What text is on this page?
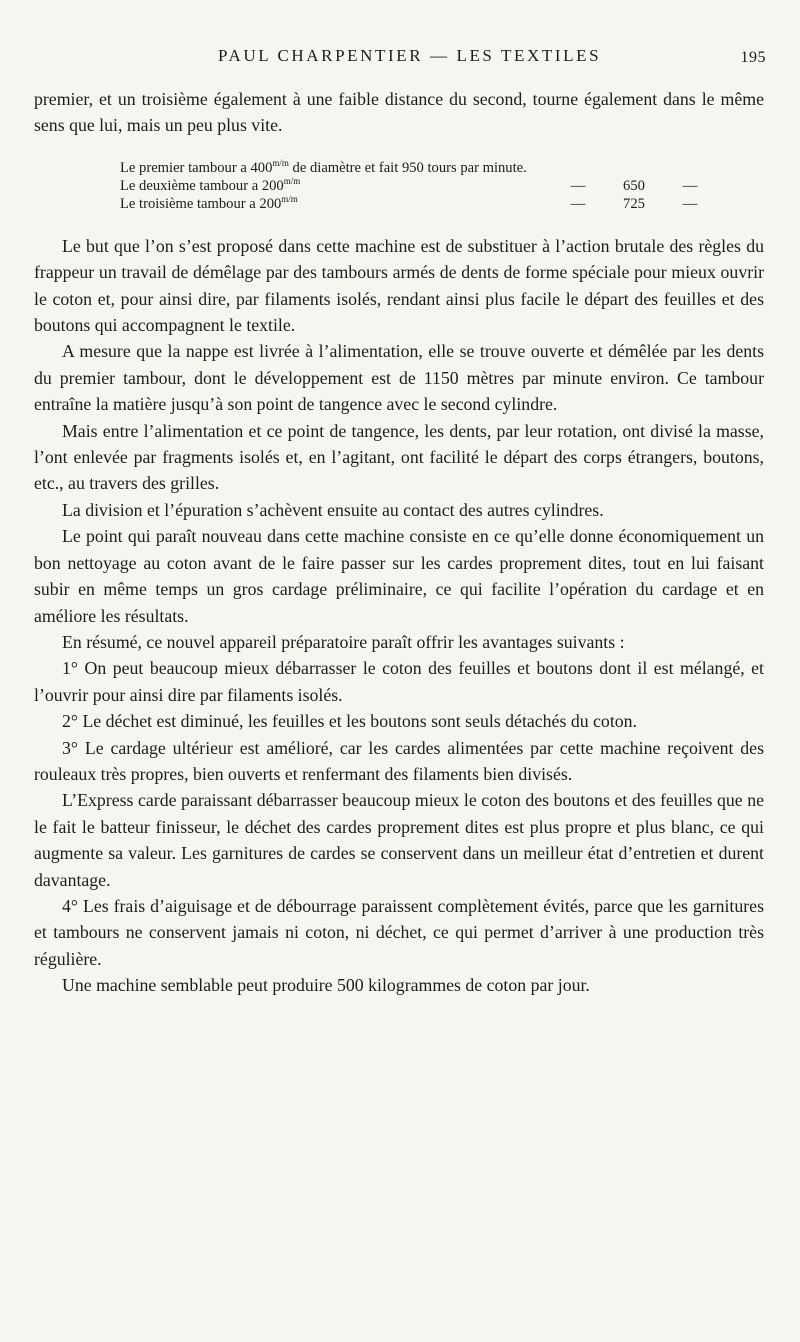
PAUL CHARPENTIER — LES TEXTILES	195

premier, et un troisième également à une faible distance du second, tourne également dans le même sens que lui, mais un peu plus vite.

Le premier tambour a $400^{m/m}$ de diamètre et fait 950 tours par minute.			
Le deuxième tambour a $200^{m/m}$	—	650	—
Le troisième tambour a $200^{m/m}$	—	725	—

Le but que l’on s’est proposé dans cette machine est de substituer à l’action brutale des règles du frappeur un travail de démêlage par des tambours armés de dents de forme spéciale pour mieux ouvrir le coton et, pour ainsi dire, par filaments isolés, rendant ainsi plus facile le départ des feuilles et des boutons qui accompagnent le textile.

A mesure que la nappe est livrée à l’alimentation, elle se trouve ouverte et démêlée par les dents du premier tambour, dont le développement est de 1150 mètres par minute environ. Ce tambour entraîne la matière jusqu’à son point de tangence avec le second cylindre.

Mais entre l’alimentation et ce point de tangence, les dents, par leur rotation, ont divisé la masse, l’ont enlevée par fragments isolés et, en l’agitant, ont facilité le départ des corps étrangers, boutons, etc., au travers des grilles.

La division et l’épuration s’achèvent ensuite au contact des autres cylindres.

Le point qui paraît nouveau dans cette machine consiste en ce qu’elle donne économiquement un bon nettoyage au coton avant de le faire passer sur les cardes proprement dites, tout en lui faisant subir en même temps un gros cardage préliminaire, ce qui facilite l’opération du cardage et en améliore les résultats.

En résumé, ce nouvel appareil préparatoire paraît offrir les avantages suivants :

1° On peut beaucoup mieux débarrasser le coton des feuilles et boutons dont il est mélangé, et l’ouvrir pour ainsi dire par filaments isolés.

2° Le déchet est diminué, les feuilles et les boutons sont seuls détachés du coton.

3° Le cardage ultérieur est amélioré, car les cardes alimentées par cette machine reçoivent des rouleaux très propres, bien ouverts et renfermant des filaments bien divisés.

L’Express carde paraissant débarrasser beaucoup mieux le coton des boutons et des feuilles que ne le fait le batteur finisseur, le déchet des cardes proprement dites est plus propre et plus blanc, ce qui augmente sa valeur. Les garnitures de cardes se conservent dans un meilleur état d’entretien et durent davantage.

4° Les frais d’aiguisage et de débourrage paraissent complètement évités, parce que les garnitures et tambours ne conservent jamais ni coton, ni déchet, ce qui permet d’arriver à une production très régulière.

Une machine semblable peut produire 500 kilogrammes de coton par jour.
